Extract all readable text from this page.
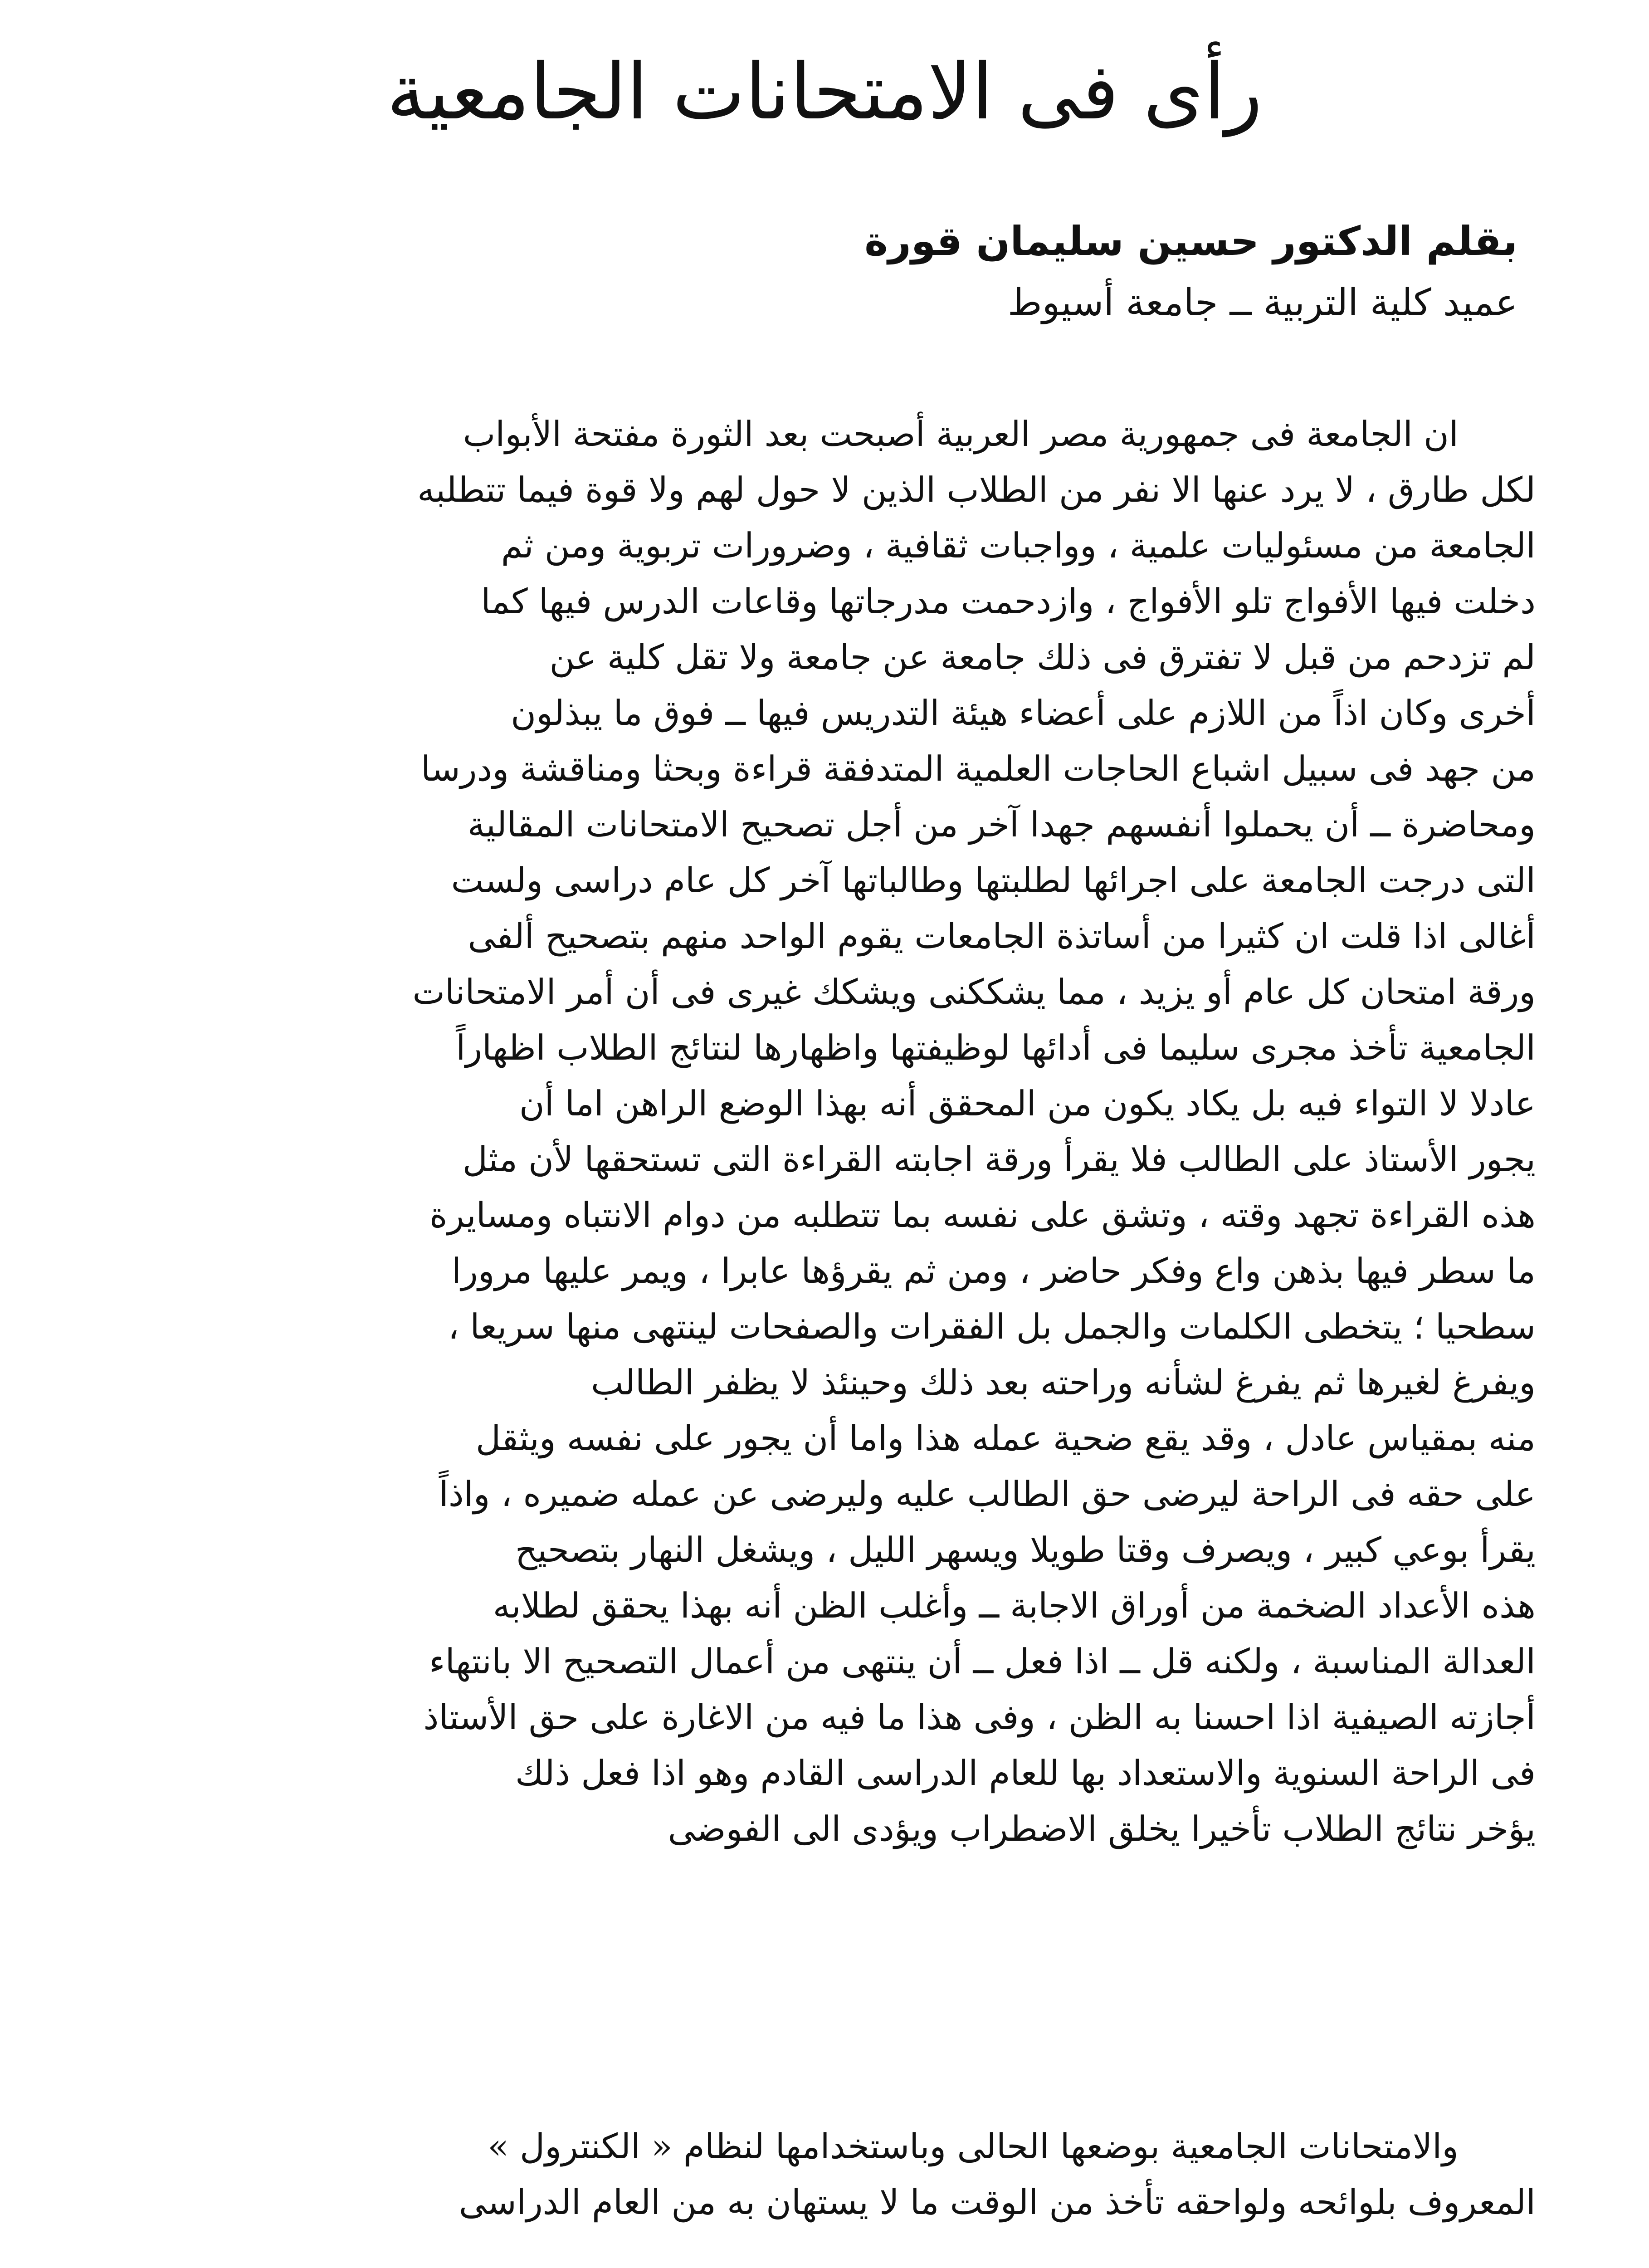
رأى فى الامتحانات الجامعية

بقلم الدكتور حسين سليمان قورة

عميد كلية التربية ــ جامعة أسيوط

ان الجامعة فى جمهورية مصر العربية أصبحت بعد الثورة مفتحة الأبواب
لكل طارق ، لا يرد عنها الا نفر من الطلاب الذين لا حول لهم ولا قوة فيما تتطلبه
الجامعة من مسئوليات علمية ، وواجبات ثقافية ، وضرورات تربوية ومن ثم
دخلت فيها الأفواج تلو الأفواج ، وازدحمت مدرجاتها وقاعات الدرس فيها كما
لم تزدحم من قبل لا تفترق فى ذلك جامعة عن جامعة ولا تقل كلية عن
أخرى وكان اذاً من اللازم على أعضاء هيئة التدريس فيها ــ فوق ما يبذلون
من جهد فى سبيل اشباع الحاجات العلمية المتدفقة قراءة وبحثا ومناقشة ودرسا
ومحاضرة ــ أن يحملوا أنفسهم جهدا آخر من أجل تصحيح الامتحانات المقالية
التى درجت الجامعة على اجرائها لطلبتها وطالباتها آخر كل عام دراسى ولست
أغالى اذا قلت ان كثيرا من أساتذة الجامعات يقوم الواحد منهم بتصحيح ألفى
ورقة امتحان كل عام أو يزيد ، مما يشككنى ويشكك غيرى فى أن أمر الامتحانات
الجامعية تأخذ مجرى سليما فى أدائها لوظيفتها واظهارها لنتائج الطلاب اظهاراً
عادلا لا التواء فيه بل يكاد يكون من المحقق أنه بهذا الوضع الراهن اما أن
يجور الأستاذ على الطالب فلا يقرأ ورقة اجابته القراءة التى تستحقها لأن مثل
هذه القراءة تجهد وقته ، وتشق على نفسه بما تتطلبه من دوام الانتباه ومسايرة
ما سطر فيها بذهن واع وفكر حاضر ، ومن ثم يقرؤها عابرا ، ويمر عليها مرورا
سطحيا ؛ يتخطى الكلمات والجمل بل الفقرات والصفحات لينتهى منها سريعا ،
ويفرغ لغيرها ثم يفرغ لشأنه وراحته بعد ذلك وحينئذ لا يظفر الطالب
منه بمقياس عادل ، وقد يقع ضحية عمله هذا واما أن يجور على نفسه ويثقل
على حقه فى الراحة ليرضى حق الطالب عليه وليرضى عن عمله ضميره ، واذاً
يقرأ بوعي كبير ، ويصرف وقتا طويلا ويسهر الليل ، ويشغل النهار بتصحيح
هذه الأعداد الضخمة من أوراق الاجابة ــ وأغلب الظن أنه بهذا يحقق لطلابه
العدالة المناسبة ، ولكنه قل ــ اذا فعل ــ أن ينتهى من أعمال التصحيح الا بانتهاء
أجازته الصيفية اذا احسنا به الظن ، وفى هذا ما فيه من الاغارة على حق الأستاذ
فى الراحة السنوية والاستعداد بها للعام الدراسى القادم وهو اذا فعل ذلك
يؤخر نتائج الطلاب تأخيرا يخلق الاضطراب ويؤدى الى الفوضى
والامتحانات الجامعية بوضعها الحالى وباستخدامها لنظام « الكنترول »
المعروف بلوائحه ولواحقه تأخذ من الوقت ما لا يستهان به من العام الدراسى
